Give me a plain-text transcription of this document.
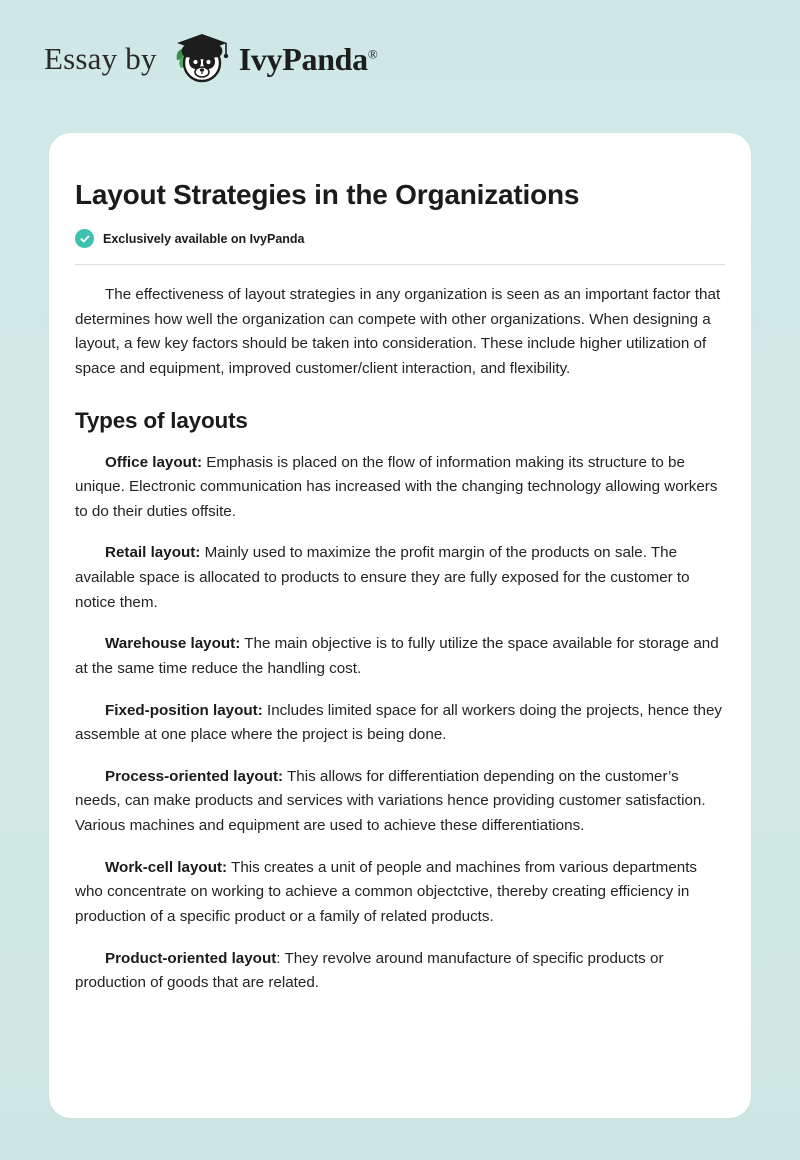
Essay by	IvyPanda®
Layout Strategies in the Organizations
Exclusively available on IvyPanda

The effectiveness of layout strategies in any organization is seen as an important factor that determines how well the organization can compete with other organizations. When designing a layout, a few key factors should be taken into consideration. These include higher utilization of space and equipment, improved customer/client interaction, and flexibility.

Types of layouts

Office layout: Emphasis is placed on the flow of information making its structure to be unique. Electronic communication has increased with the changing technology allowing workers to do their duties offsite.

Retail layout: Mainly used to maximize the profit margin of the products on sale. The available space is allocated to products to ensure they are fully exposed for the customer to notice them.

Warehouse layout: The main objective is to fully utilize the space available for storage and at the same time reduce the handling cost.

Fixed-position layout: Includes limited space for all workers doing the projects, hence they assemble at one place where the project is being done.

Process-oriented layout: This allows for differentiation depending on the customer’s needs, can make products and services with variations hence providing customer satisfaction. Various machines and equipment are used to achieve these differentiations.

Work-cell layout: This creates a unit of people and machines from various departments who concentrate on working to achieve a common objectctive, thereby creating efficiency in production of a specific product or a family of related products.

Product-oriented layout: They revolve around manufacture of specific products or production of goods that are related.
